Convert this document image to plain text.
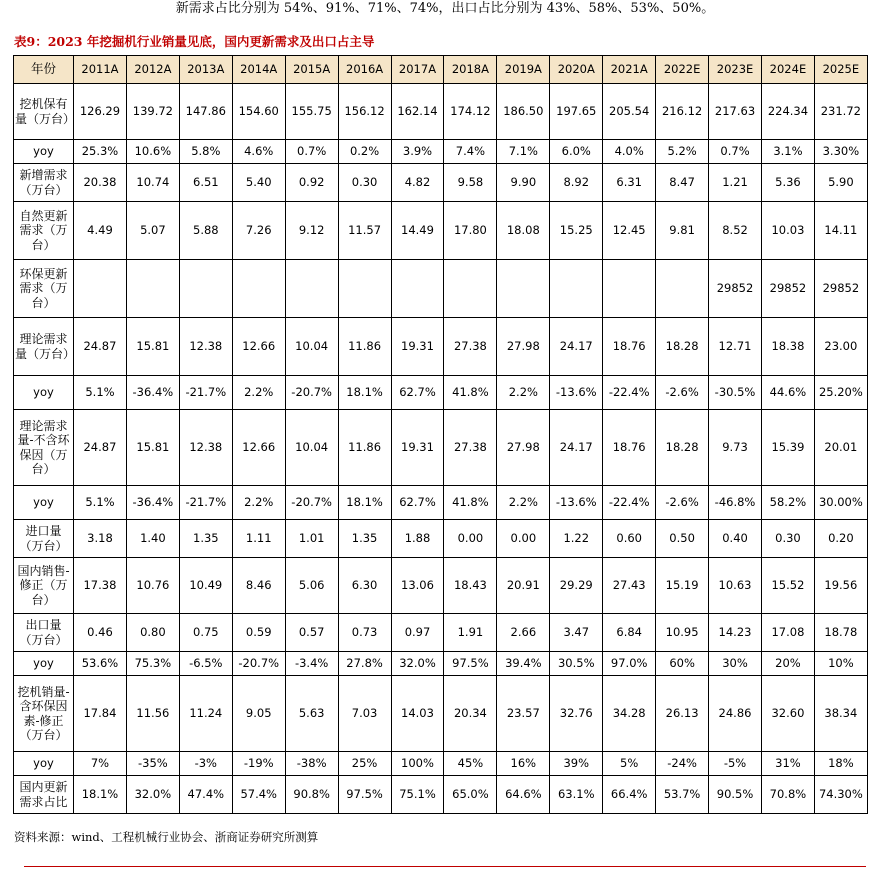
新需求占比分别为 54%、91%、71%、74%，出口占比分别为 43%、58%、53%、50%。
表9：2023 年挖掘机行业销量见底，国内更新需求及出口占主导
年份	2011A	2012A	2013A	2014A	2015A	2016A	2017A	2018A	2019A	2020A	2021A	2022E	2023E	2024E	2025E
挖机保有量（万台）	126.29	139.72	147.86	154.60	155.75	156.12	162.14	174.12	186.50	197.65	205.54	216.12	217.63	224.34	231.72
yoy	25.3%	10.6%	5.8%	4.6%	0.7%	0.2%	3.9%	7.4%	7.1%	6.0%	4.0%	5.2%	0.7%	3.1%	3.30%
新增需求（万台）	20.38	10.74	6.51	5.40	0.92	0.30	4.82	9.58	9.90	8.92	6.31	8.47	1.21	5.36	5.90
自然更新需求（万台）	4.49	5.07	5.88	7.26	9.12	11.57	14.49	17.80	18.08	15.25	12.45	9.81	8.52	10.03	14.11
环保更新需求（万台）													29852	29852	29852
理论需求量（万台）	24.87	15.81	12.38	12.66	10.04	11.86	19.31	27.38	27.98	24.17	18.76	18.28	12.71	18.38	23.00
yoy	5.1%	-36.4%	-21.7%	2.2%	-20.7%	18.1%	62.7%	41.8%	2.2%	-13.6%	-22.4%	-2.6%	-30.5%	44.6%	25.20%
理论需求量-不含环保因（万台）	24.87	15.81	12.38	12.66	10.04	11.86	19.31	27.38	27.98	24.17	18.76	18.28	9.73	15.39	20.01
yoy	5.1%	-36.4%	-21.7%	2.2%	-20.7%	18.1%	62.7%	41.8%	2.2%	-13.6%	-22.4%	-2.6%	-46.8%	58.2%	30.00%
进口量（万台）	3.18	1.40	1.35	1.11	1.01	1.35	1.88	0.00	0.00	1.22	0.60	0.50	0.40	0.30	0.20
国内销售-修正（万台）	17.38	10.76	10.49	8.46	5.06	6.30	13.06	18.43	20.91	29.29	27.43	15.19	10.63	15.52	19.56
出口量（万台）	0.46	0.80	0.75	0.59	0.57	0.73	0.97	1.91	2.66	3.47	6.84	10.95	14.23	17.08	18.78
yoy	53.6%	75.3%	-6.5%	-20.7%	-3.4%	27.8%	32.0%	97.5%	39.4%	30.5%	97.0%	60%	30%	20%	10%
挖机销量-含环保因素-修正（万台）	17.84	11.56	11.24	9.05	5.63	7.03	14.03	20.34	23.57	32.76	34.28	26.13	24.86	32.60	38.34
yoy	7%	-35%	-3%	-19%	-38%	25%	100%	45%	16%	39%	5%	-24%	-5%	31%	18%
国内更新需求占比	18.1%	32.0%	47.4%	57.4%	90.8%	97.5%	75.1%	65.0%	64.6%	63.1%	66.4%	53.7%	90.5%	70.8%	74.30%
资料来源：wind、工程机械行业协会、浙商证券研究所测算
